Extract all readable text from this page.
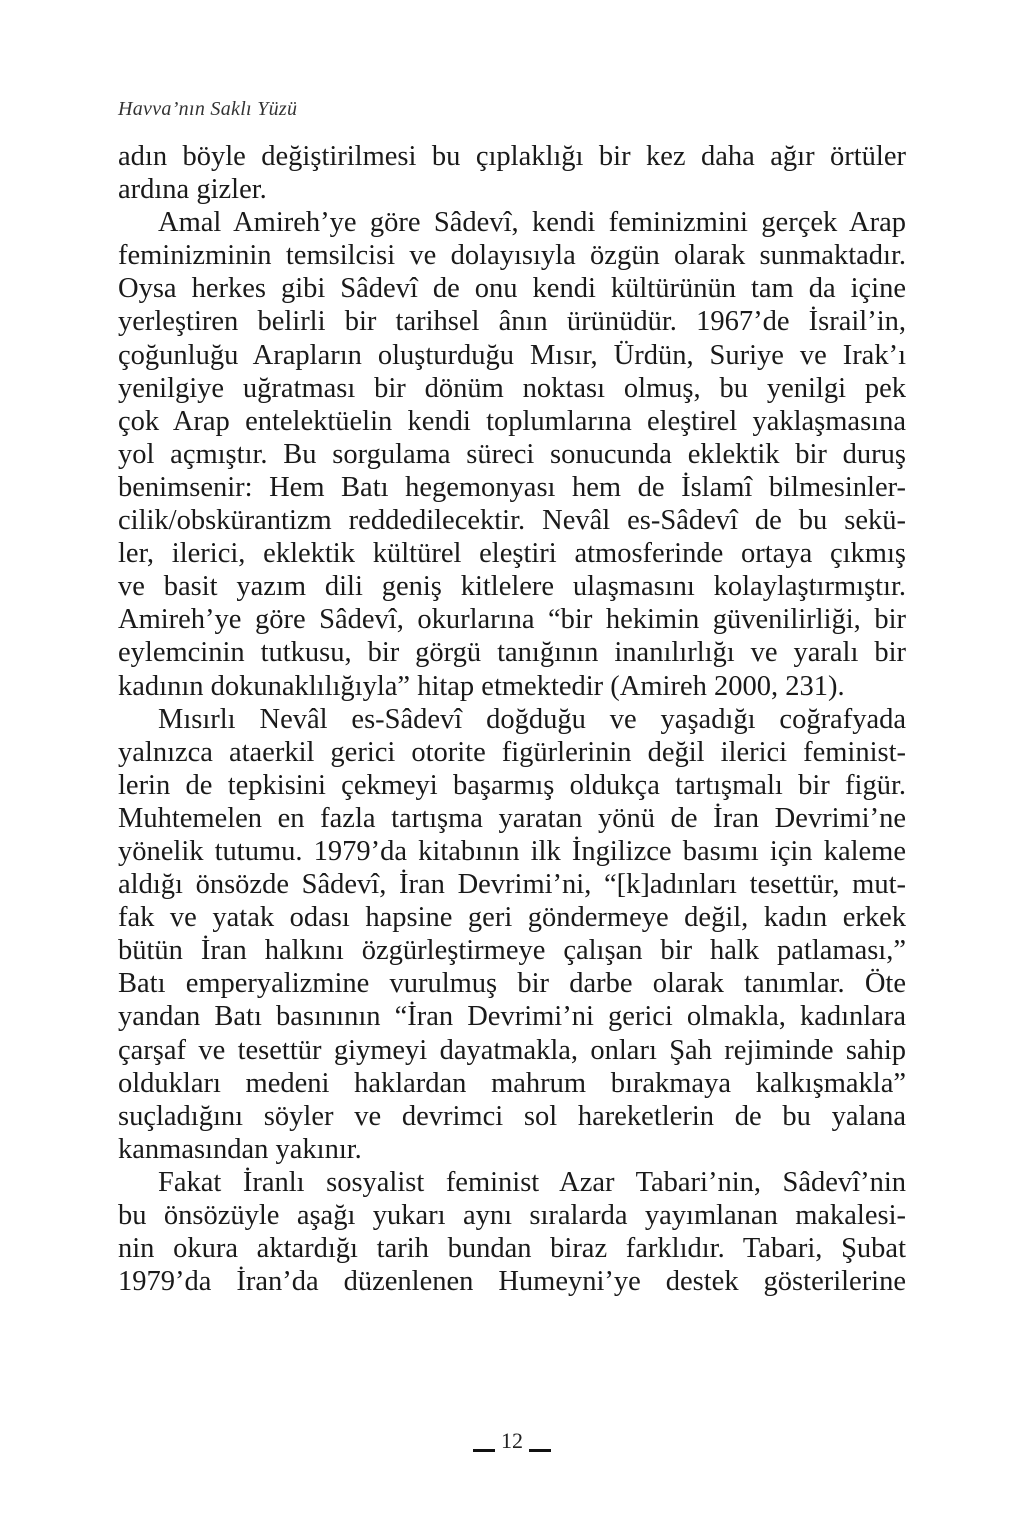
Havva’nın Saklı Yüzü
adın böyle değiştirilmesi bu çıplaklığı bir kez daha ağır örtüler
ardına gizler.
Amal Amireh’ye göre Sâdevî, kendi feminizmini gerçek Arap
feminizminin temsilcisi ve dolayısıyla özgün olarak sunmaktadır.
Oysa herkes gibi Sâdevî de onu kendi kültürünün tam da içine
yerleştiren belirli bir tarihsel ânın ürünüdür. 1967’de İsrail’in,
çoğunluğu Arapların oluşturduğu Mısır, Ürdün, Suriye ve Irak’ı
yenilgiye uğratması bir dönüm noktası olmuş, bu yenilgi pek
çok Arap entelektüelin kendi toplumlarına eleştirel yaklaşmasına
yol açmıştır. Bu sorgulama süreci sonucunda eklektik bir duruş
benimsenir: Hem Batı hegemonyası hem de İslamî bilmesinler-
cilik/obskürantizm reddedilecektir. Nevâl es-Sâdevî de bu sekü-
ler, ilerici, eklektik kültürel eleştiri atmosferinde ortaya çıkmış
ve basit yazım dili geniş kitlelere ulaşmasını kolaylaştırmıştır.
Amireh’ye göre Sâdevî, okurlarına “bir hekimin güvenilirliği, bir
eylemcinin tutkusu, bir görgü tanığının inanılırlığı ve yaralı bir
kadının dokunaklılığıyla” hitap etmektedir (Amireh 2000, 231).
Mısırlı Nevâl es-Sâdevî doğduğu ve yaşadığı coğrafyada
yalnızca ataerkil gerici otorite figürlerinin değil ilerici feminist-
lerin de tepkisini çekmeyi başarmış oldukça tartışmalı bir figür.
Muhtemelen en fazla tartışma yaratan yönü de İran Devrimi’ne
yönelik tutumu. 1979’da kitabının ilk İngilizce basımı için kaleme
aldığı önsözde Sâdevî, İran Devrimi’ni, “[k]adınları tesettür, mut-
fak ve yatak odası hapsine geri göndermeye değil, kadın erkek
bütün İran halkını özgürleştirmeye çalışan bir halk patlaması,”
Batı emperyalizmine vurulmuş bir darbe olarak tanımlar. Öte
yandan Batı basınının “İran Devrimi’ni gerici olmakla, kadınlara
çarşaf ve tesettür giymeyi dayatmakla, onları Şah rejiminde sahip
oldukları medeni haklardan mahrum bırakmaya kalkışmakla”
suçladığını söyler ve devrimci sol hareketlerin de bu yalana
kanmasından yakınır.
Fakat İranlı sosyalist feminist Azar Tabari’nin, Sâdevî’nin
bu önsözüyle aşağı yukarı aynı sıralarda yayımlanan makalesi-
nin okura aktardığı tarih bundan biraz farklıdır. Tabari, Şubat
1979’da İran’da düzenlenen Humeyni’ye destek gösterilerine
12
